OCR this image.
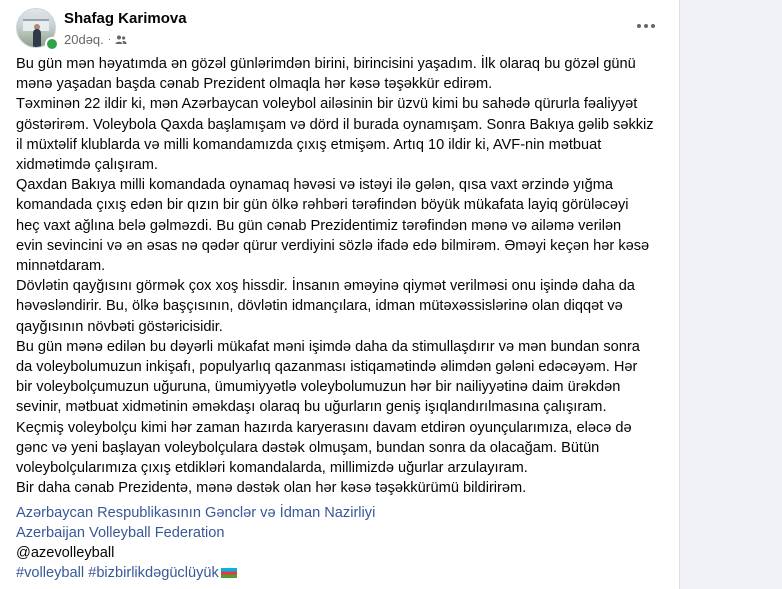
Shafag Karimova
20dəq. ·

Bu gün mən həyatımda ən gözəl günlərimdən birini, birincisini yaşadım. İlk olaraq bu gözəl günü

mənə yaşadan başda cənab Prezident olmaqla hər kəsə təşəkkür edirəm.

Təxminən 22 ildir ki, mən Azərbaycan voleybol ailəsinin bir üzvü kimi bu sahədə qürurla fəaliyyət

göstərirəm. Voleybola Qaxda başlamışam və dörd il burada oynamışam. Sonra Bakıya gəlib səkkiz

il müxtəlif klublarda və milli komandamızda çıxış etmişəm. Artıq 10 ildir ki, AVF-nin mətbuat

xidmətimdə çalışıram.

Qaxdan Bakıya milli komandada oynamaq həvəsi və istəyi ilə gələn, qısa vaxt ərzində yığma

komandada çıxış edən bir qızın bir gün ölkə rəhbəri tərəfindən böyük mükafata layiq görüləcəyi

heç vaxt ağlına belə gəlməzdi. Bu gün cənab Prezidentimiz tərəfindən mənə və ailəmə verilən

evin sevincini və ən əsas nə qədər qürur verdiyini sözlə ifadə edə bilmirəm. Əməyi keçən hər kəsə

minnətdaram.

Dövlətin qayğısını görmək çox xoş hissdir. İnsanın əməyinə qiymət verilməsi onu işində daha da

həvəsləndirir. Bu, ölkə başçısının, dövlətin idmançılara, idman mütəxəssislərinə olan diqqət və

qayğısının növbəti göstəricisidir.

Bu gün mənə edilən bu dəyərli mükafat məni işimdə daha da stimullaşdırır və mən bundan sonra

da voleybolumuzun inkişafı, populyarlıq qazanması istiqamətində əlimdən gələni edəcəyəm. Hər

bir voleybolçumuzun uğuruna, ümumiyyətlə voleybolumuzun hər bir nailiyyətinə daim ürəkdən

sevinir, mətbuat xidmətinin əməkdaşı olaraq bu uğurların geniş işıqlandırılmasına çalışıram.

Keçmiş voleybolçu kimi hər zaman hazırda karyerasını davam etdirən oyunçularımıza, eləcə də

gənc və yeni başlayan voleybolçulara dəstək olmuşam, bundan sonra da olacağam. Bütün

voleybolçularımıza çıxış etdikləri komandalarda, millimizdə uğurlar arzulayıram.

Bir daha cənab Prezidentə, mənə dəstək olan hər kəsə təşəkkürümü bildirirəm.

Azərbaycan Respublikasının Gənclər və İdman Nazirliyi
Azerbaijan Volleyball Federation
@azevolleyball
#volleyball #bizbirlikdəgüclüyük
